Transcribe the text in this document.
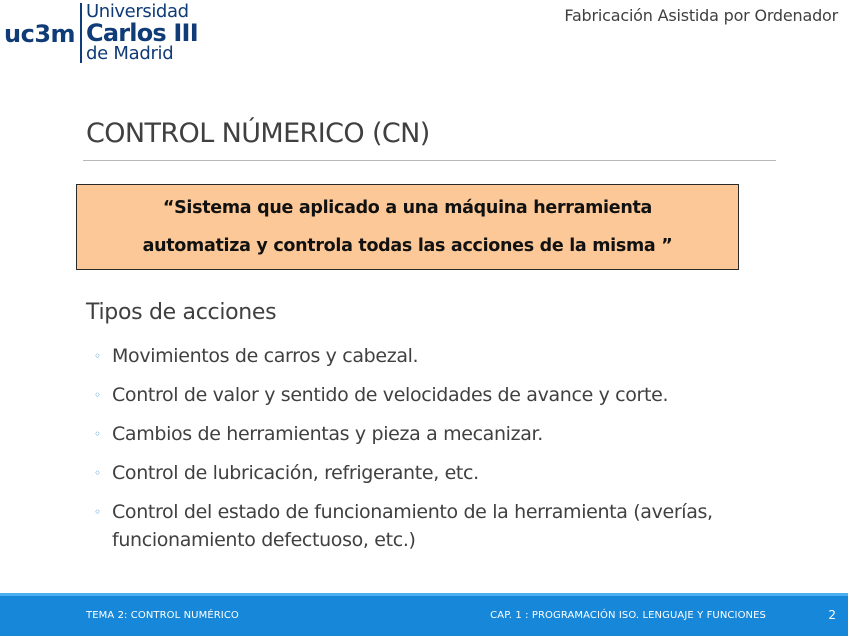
uc3m
Universidad
Carlos III
de Madrid
Fabricación Asistida por Ordenador
CONTROL NÚMERICO (CN)
“Sistema que aplicado a una máquina herramienta
automatiza y controla todas las acciones de la misma ”
Tipos de acciones
◦ Movimientos de carros y cabezal.
◦ Control de valor y sentido de velocidades de avance y corte.
◦ Cambios de herramientas y pieza a mecanizar.
◦ Control de lubricación, refrigerante, etc.
◦ Control del estado de funcionamiento de la herramienta (averías, funcionamiento defectuoso, etc.)
TEMA 2: CONTROL NUMÉRICO	CAP. 1 : PROGRAMACIÓN ISO. LENGUAJE Y FUNCIONES	2
